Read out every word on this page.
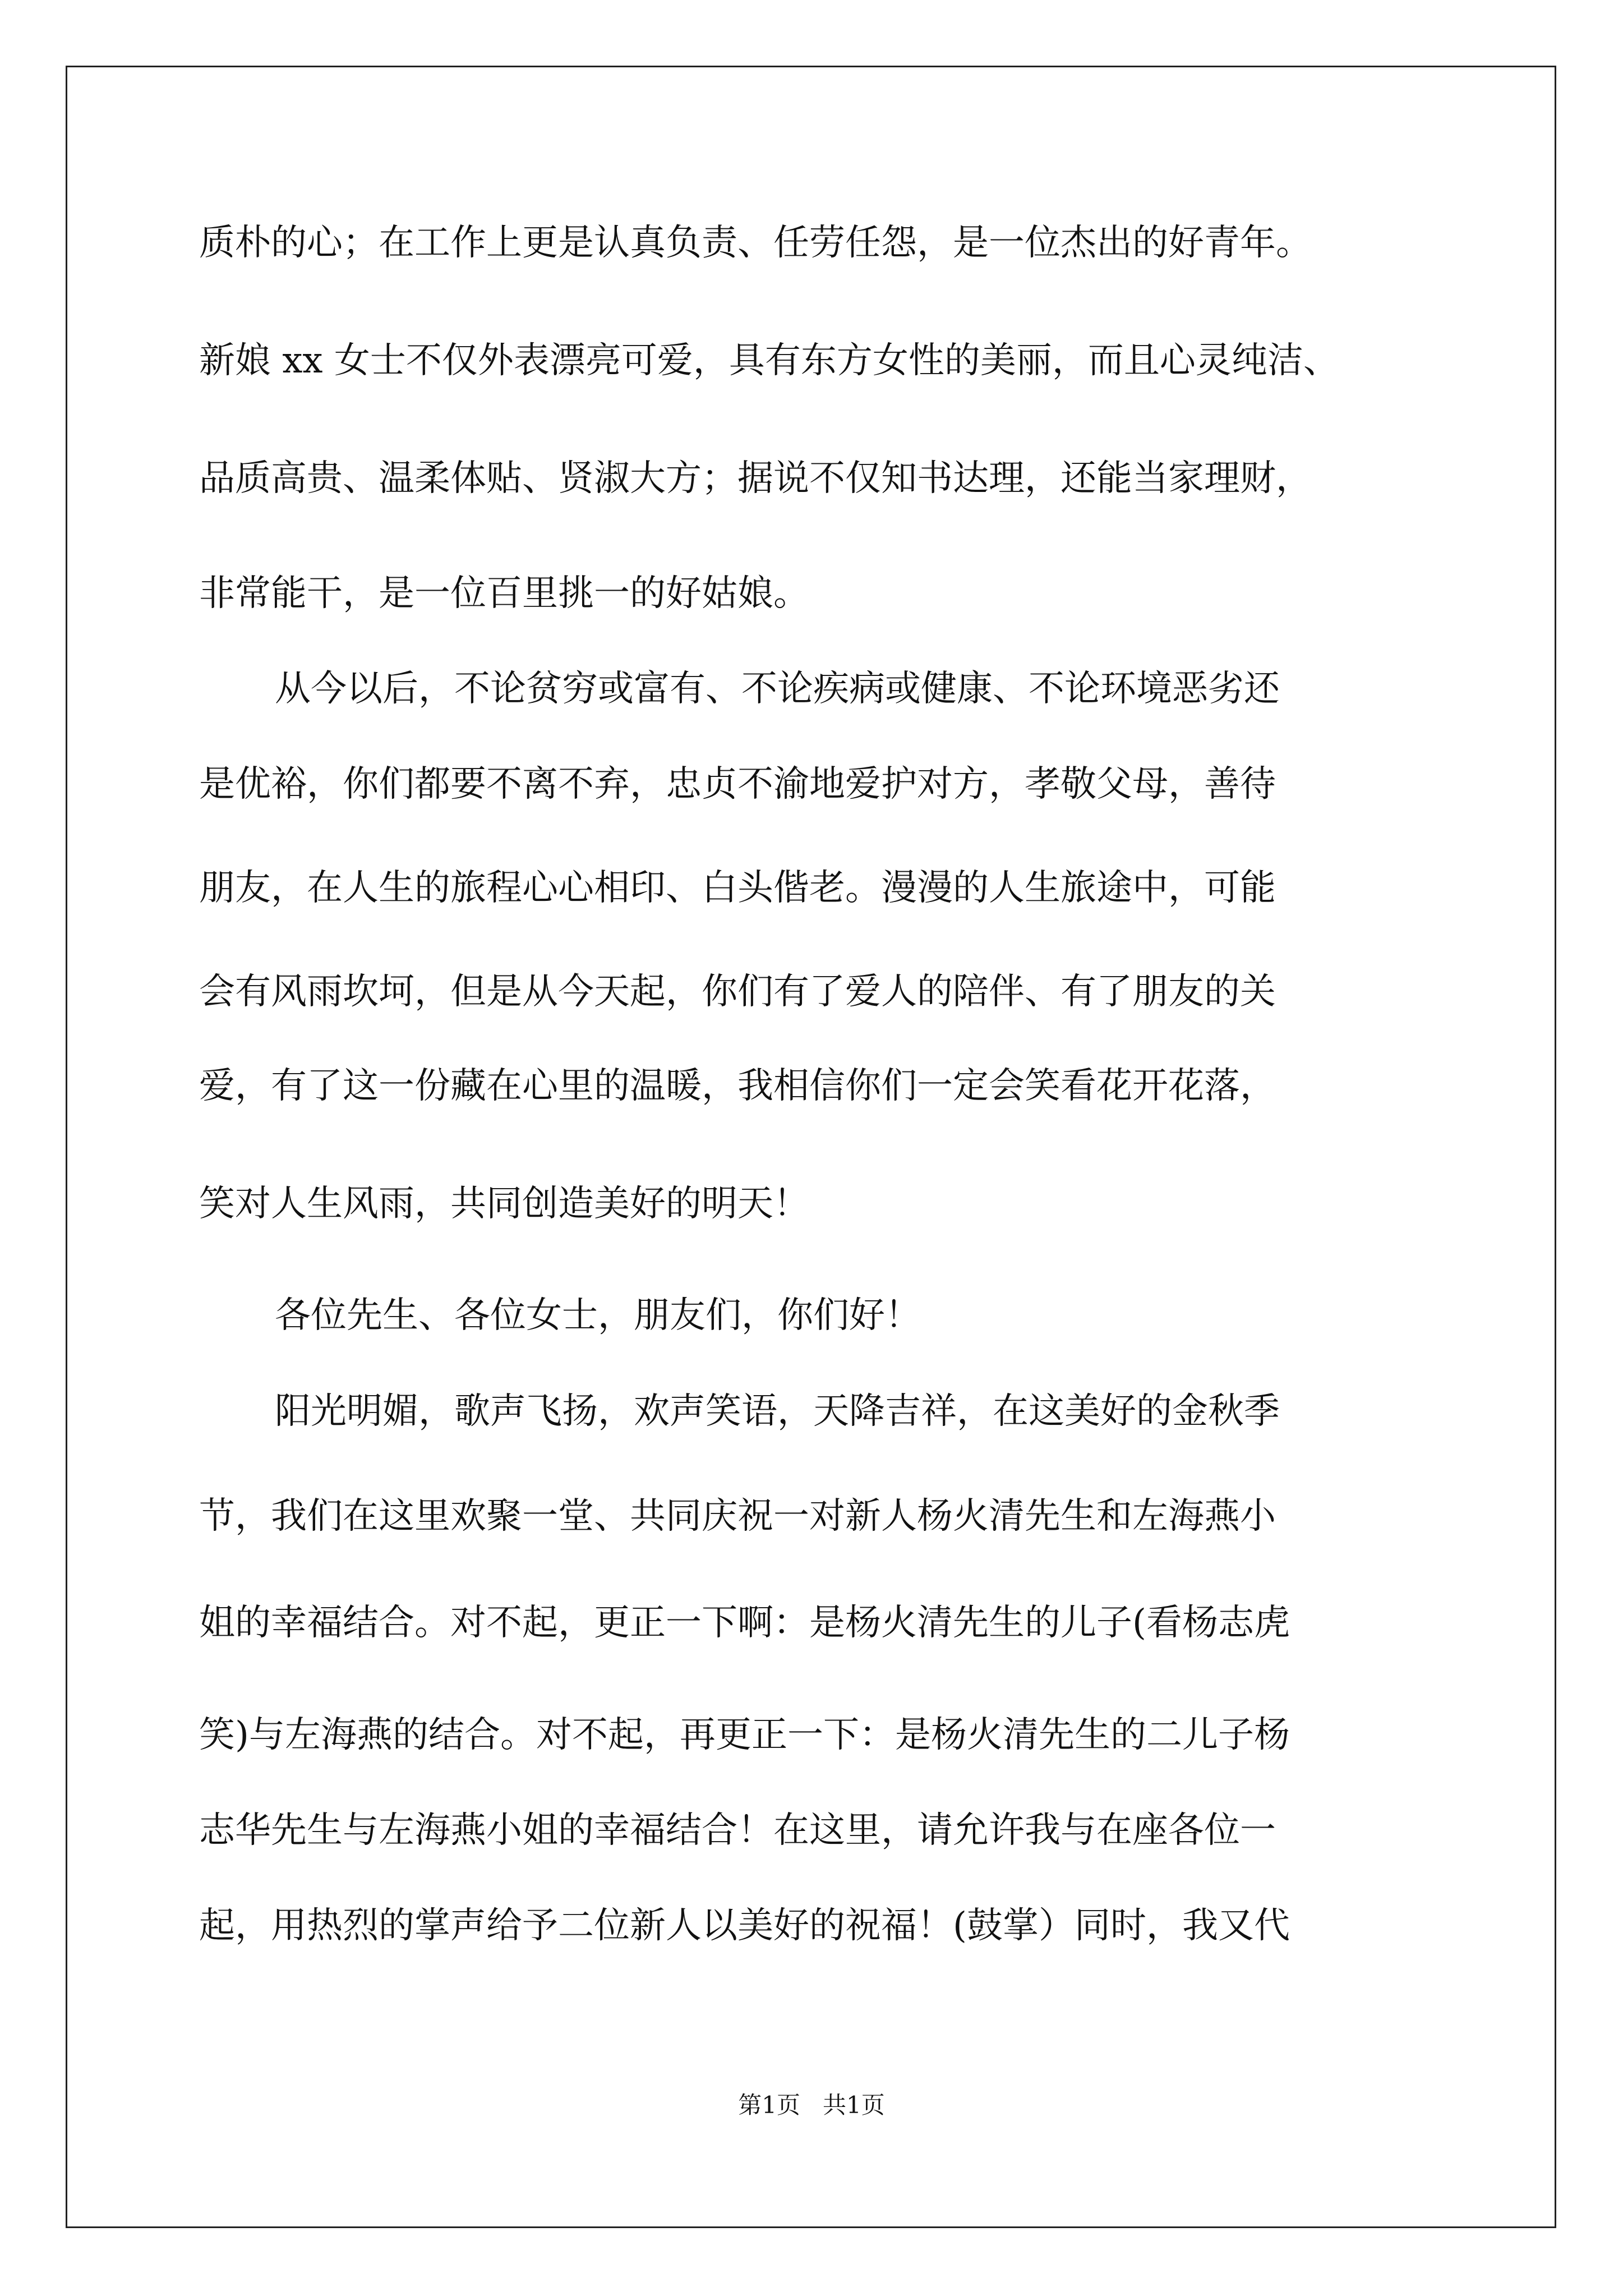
质朴的心；在工作上更是认真负责、任劳任怨，是一位杰出的好青年。

新娘 xx 女士不仅外表漂亮可爱，具有东方女性的美丽，而且心灵纯洁、

品质高贵、温柔体贴、贤淑大方；据说不仅知书达理，还能当家理财，

非常能干，是一位百里挑一的好姑娘。

从今以后，不论贫穷或富有、不论疾病或健康、不论环境恶劣还

是优裕，你们都要不离不弃，忠贞不渝地爱护对方，孝敬父母，善待

朋友，在人生的旅程心心相印、白头偕老。漫漫的人生旅途中，可能

会有风雨坎坷，但是从今天起，你们有了爱人的陪伴、有了朋友的关

爱，有了这一份藏在心里的温暖，我相信你们一定会笑看花开花落，

笑对人生风雨，共同创造美好的明天！

各位先生、各位女士，朋友们，你们好！

阳光明媚，歌声飞扬，欢声笑语，天降吉祥，在这美好的金秋季

节，我们在这里欢聚一堂、共同庆祝一对新人杨火清先生和左海燕小

姐的幸福结合。对不起，更正一下啊：是杨火清先生的儿子(看杨志虎

笑)与左海燕的结合。对不起，再更正一下：是杨火清先生的二儿子杨

志华先生与左海燕小姐的幸福结合！在这里，请允许我与在座各位一

起，用热烈的掌声给予二位新人以美好的祝福！(鼓掌）同时，我又代

第1页   共1页
